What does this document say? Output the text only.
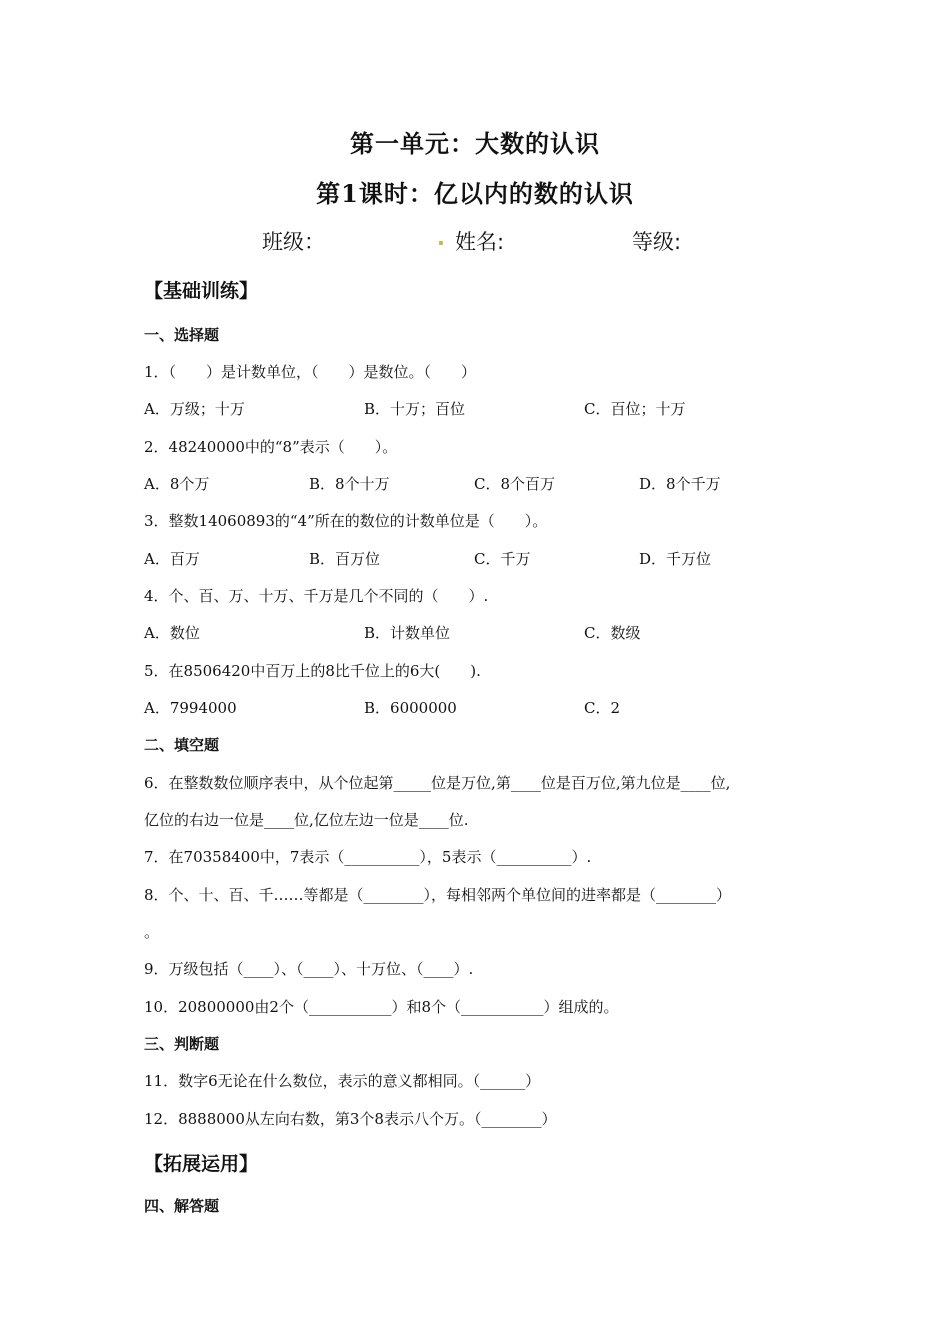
第一单元：大数的认识
第1课时：亿以内的数的认识
班级：	. 姓名:	等级:
【基础训练】
一、选择题
1．（　　）是计数单位，（　　）是数位。（　　）
A．万级；十万	B．十万；百位	C．百位；十万
2．48240000中的“8”表示（　　）。
A．8个万	B．8个十万	C．8个百万	D．8个千万
3．整数14060893的“4”所在的数位的计数单位是（　　）。
A．百万	B．百万位	C．千万	D．千万位
4．个、百、万、十万、千万是几个不同的（　　）.
A．数位	B．计数单位	C．数级
5．在8506420中百万上的8比千位上的6大(　　).
A．7994000	B．6000000	C．2
二、填空题
6．在整数数位顺序表中，从个位起第_____位是万位,第____位是百万位,第九位是____位,
亿位的右边一位是____位,亿位左边一位是____位.
7．在70358400中，7表示（__________），5表示（__________）.
8．个、十、百、千……等都是（________），每相邻两个单位间的进率都是（________）
。
9．万级包括（____）、（____）、十万位、（____）.
10．20800000由2个（___________）和8个（___________）组成的。
三、判断题
11．数字6无论在什么数位，表示的意义都相同。（______）
12．8888000从左向右数，第3个8表示八个万。（________）
【拓展运用】
四、解答题
